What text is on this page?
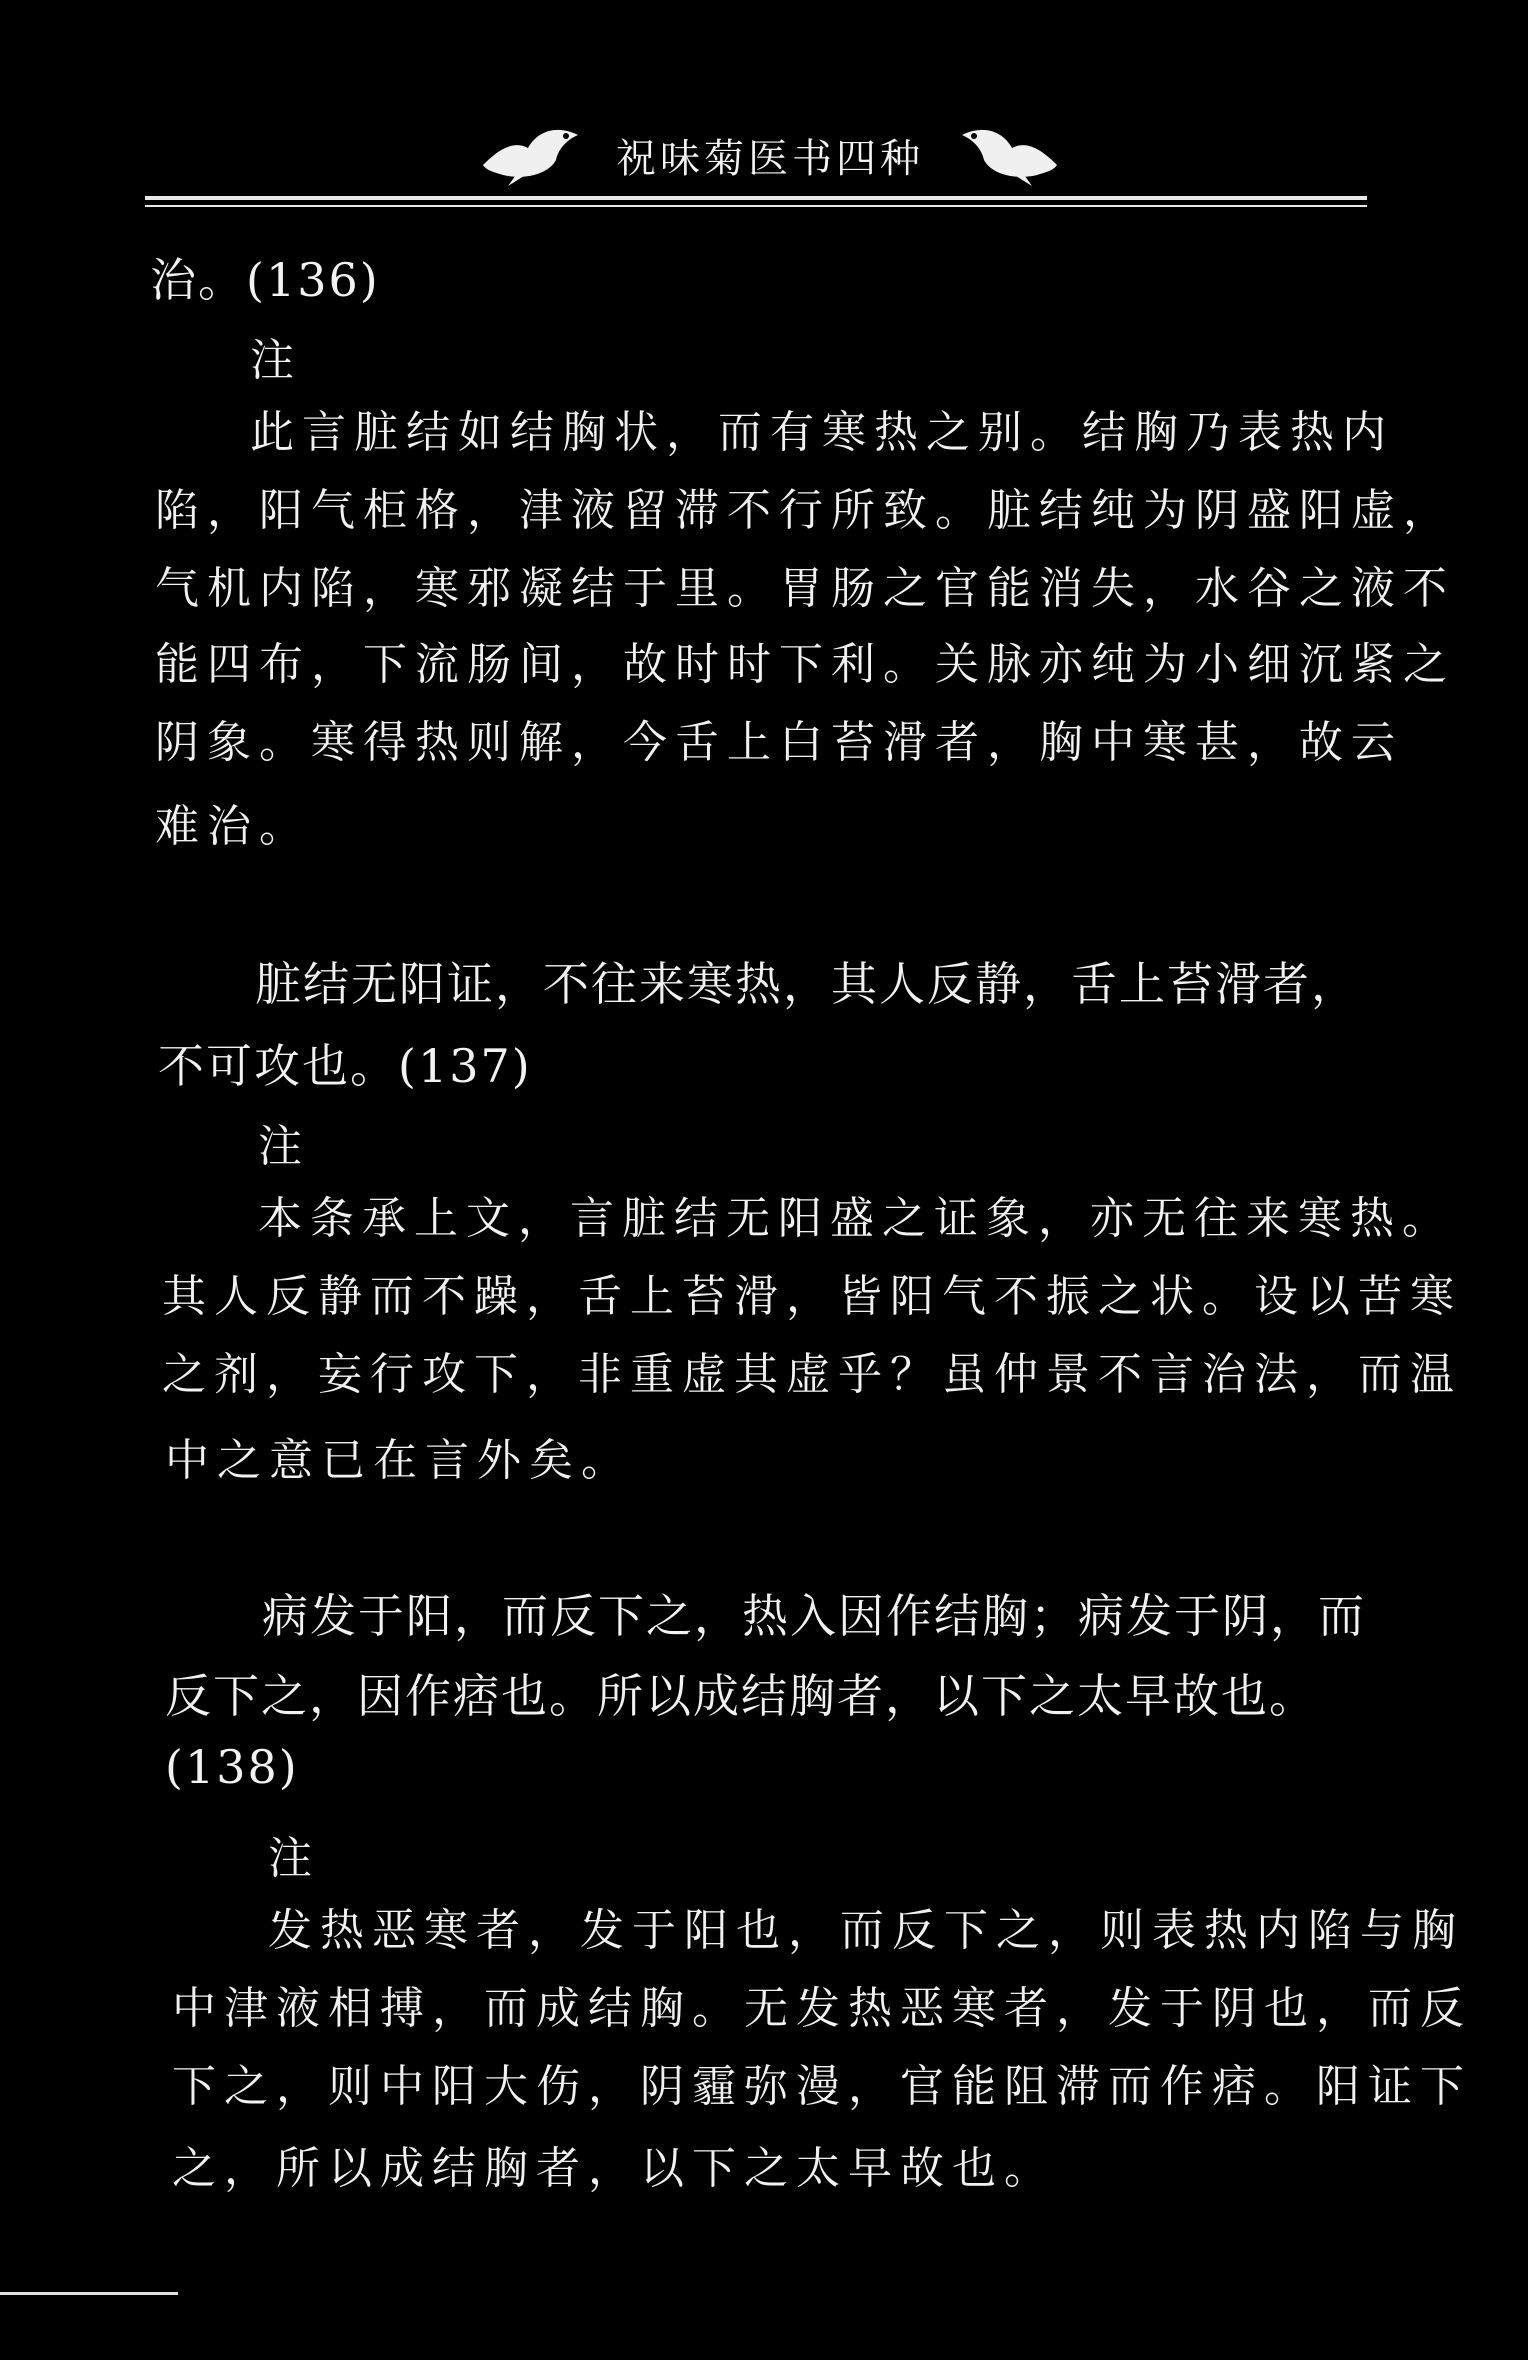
祝味菊医书四种
治。(136)
注
此言脏结如结胸状，而有寒热之别。结胸乃表热内
陷，阳气柜格，津液留滞不行所致。脏结纯为阴盛阳虚，
气机内陷，寒邪凝结于里。胃肠之官能消失，水谷之液不
能四布，下流肠间，故时时下利。关脉亦纯为小细沉紧之
阴象。寒得热则解，今舌上白苔滑者，胸中寒甚，故云
难治。
脏结无阳证，不往来寒热，其人反静，舌上苔滑者，
不可攻也。(137)
注
本条承上文，言脏结无阳盛之证象，亦无往来寒热。
其人反静而不躁，舌上苔滑，皆阳气不振之状。设以苦寒
之剂，妄行攻下，非重虚其虚乎？虽仲景不言治法，而温
中之意已在言外矣。
病发于阳，而反下之，热入因作结胸；病发于阴，而
反下之，因作痞也。所以成结胸者，以下之太早故也。
(138)
注
发热恶寒者，发于阳也，而反下之，则表热内陷与胸
中津液相搏，而成结胸。无发热恶寒者，发于阴也，而反
下之，则中阳大伤，阴霾弥漫，官能阻滞而作痞。阳证下
之，所以成结胸者，以下之太早故也。
